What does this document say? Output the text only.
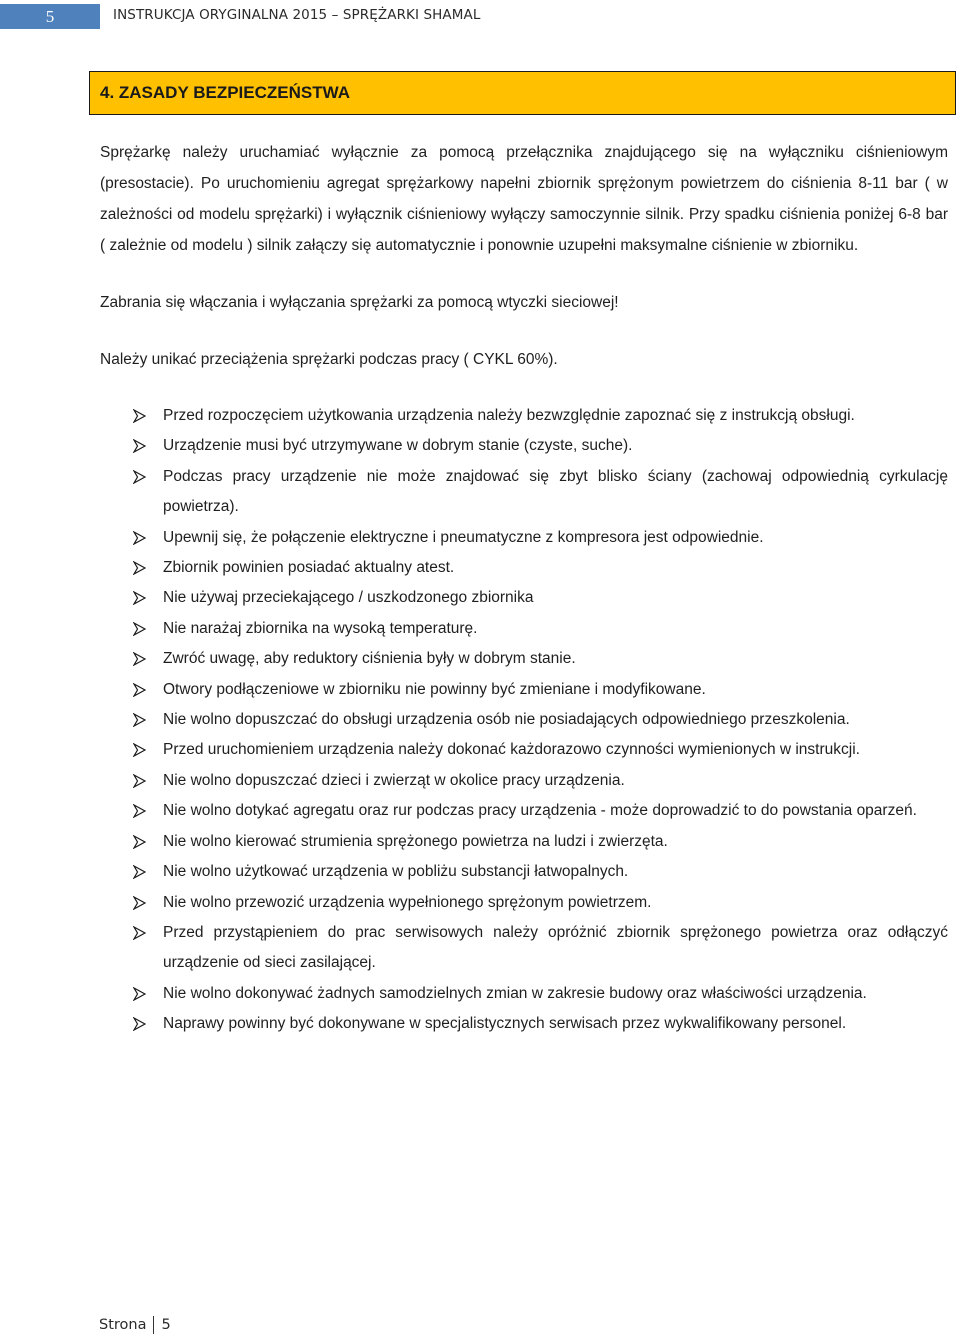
5	INSTRUKCJA ORYGINALNA 2015 – SPRĘŻARKI SHAMAL
4. ZASADY BEZPIECZEŃSTWA

Sprężarkę należy uruchamiać wyłącznie za pomocą przełącznika znajdującego się na wyłączniku ciśnieniowym (presostacie). Po uruchomieniu agregat sprężarkowy napełni zbiornik sprężonym powietrzem do ciśnienia 8-11 bar ( w zależności od modelu sprężarki) i wyłącznik ciśnieniowy wyłączy samoczynnie silnik. Przy spadku ciśnienia poniżej 6-8 bar ( zależnie od modelu ) silnik załączy się automatycznie i ponownie uzupełni maksymalne ciśnienie w zbiorniku.

Zabrania się włączania i wyłączania sprężarki za pomocą wtyczki sieciowej!

Należy unikać przeciążenia sprężarki podczas pracy ( CYKL 60%).

Przed rozpoczęciem użytkowania urządzenia należy bezwzględnie zapoznać się z instrukcją obsługi.
Urządzenie musi być utrzymywane w dobrym stanie (czyste, suche).
Podczas pracy urządzenie nie może znajdować się zbyt blisko ściany (zachowaj odpowiednią cyrkulację powietrza).
Upewnij się, że połączenie elektryczne i pneumatyczne z kompresora jest odpowiednie.
Zbiornik powinien posiadać aktualny atest.
Nie używaj przeciekającego / uszkodzonego zbiornika
Nie narażaj zbiornika na wysoką temperaturę.
Zwróć uwagę, aby reduktory ciśnienia były w dobrym stanie.
Otwory podłączeniowe w zbiorniku nie powinny być zmieniane i modyfikowane.
Nie wolno dopuszczać do obsługi urządzenia osób nie posiadających odpowiedniego przeszkolenia.
Przed uruchomieniem urządzenia należy dokonać każdorazowo czynności wymienionych w instrukcji.
Nie wolno dopuszczać dzieci i zwierząt w okolice pracy urządzenia.
Nie wolno dotykać agregatu oraz rur podczas pracy urządzenia - może doprowadzić to do powstania oparzeń.
Nie wolno kierować strumienia sprężonego powietrza na ludzi i zwierzęta.
Nie wolno użytkować urządzenia w pobliżu substancji łatwopalnych.
Nie wolno przewozić urządzenia wypełnionego sprężonym powietrzem.
Przed przystąpieniem do prac serwisowych należy opróżnić zbiornik sprężonego powietrza oraz odłączyć urządzenie od sieci zasilającej.
Nie wolno dokonywać żadnych samodzielnych zmian w zakresie budowy oraz właściwości urządzenia.
Naprawy powinny być dokonywane w specjalistycznych serwisach przez wykwalifikowany personel.
Strona 5
